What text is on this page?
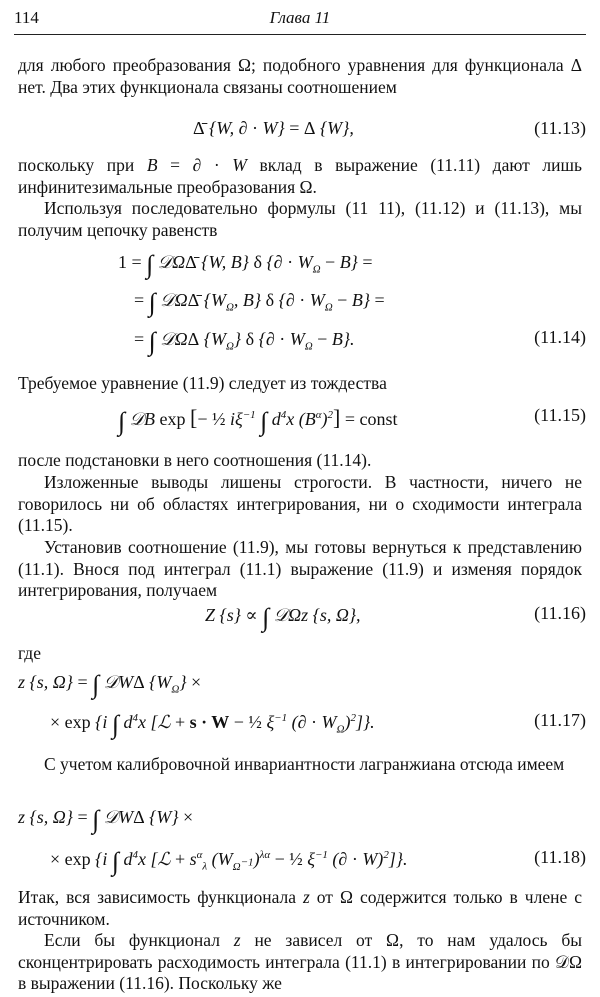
114	Глава 11
для любого преобразования Ω; подобного уравнения для функционала Δ нет. Два этих функционала связаны соотношением
Δ̄ {W, ∂ · W} = Δ {W},	(11.13)
поскольку при B = ∂ · W вклад в выражение (11.11) дают лишь инфинитезимальные преобразования Ω.
Используя последовательно формулы (11 11), (11.12) и (11.13), мы получим цепочку равенств
1 = ∫ 𝒟ΩΔ̄ {W, B} δ {∂ · $W_\Omega - B$} =
= ∫ 𝒟ΩΔ̄ {$W_\Omega$, B} δ {∂ · $W_\Omega - B$} =
= ∫ 𝒟ΩΔ $\{W_\Omega\}$ δ {∂ · $W_\Omega - B$}.	(11.14)
Требуемое уравнение (11.9) следует из тождества
∫ 𝒟B exp [− ½ $i\xi^{-1}$ ∫ $d^4x$ $(B^\alpha)^2$] = const	(11.15)
после подстановки в него соотношения (11.14).
Изложенные выводы лишены строгости. В частности, ничего не говорилось ни об областях интегрирования, ни о сходимости интеграла (11.15).
Установив соотношение (11.9), мы готовы вернуться к представлению (11.1). Внося под интеграл (11.1) выражение (11.9) и изменяя порядок интегрирования, получаем
Z {s} ∝ ∫ 𝒟Ωz {s, Ω},	(11.16)
где
z {s, Ω} = ∫ 𝒟WΔ $\{W_\Omega\}$ ×
× exp {i ∫ $d^4x$ [ℒ + s · W − ½ $\xi^{-1}$ (∂ · $W_\Omega)^2$]}.	(11.17)
С учетом калибровочной инвариантности лагранжиана отсюда имеем
z {s, Ω} = ∫ 𝒟WΔ {W} ×
× exp {i ∫ $d^4x$ [ℒ + $s^\alpha_\lambda$ $(W_{\Omega^{-1}})^{\lambda\alpha}$ − ½ $\xi^{-1}$ (∂ · W)$^2$]}.	(11.18)
Итак, вся зависимость функционала z от Ω содержится только в члене с источником.
Если бы функционал z не зависел от Ω, то нам удалось бы сконцентрировать расходимость интеграла (11.1) в интегрировании по 𝒟Ω в выражении (11.16). Поскольку же
